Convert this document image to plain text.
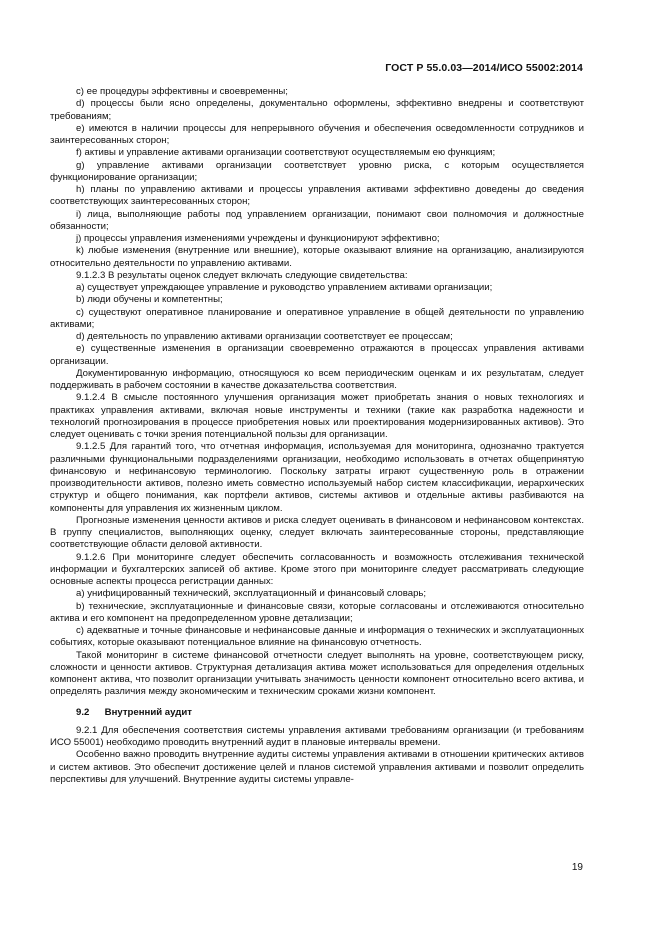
ГОСТ Р 55.0.03—2014/ИСО 55002:2014

c) ее процедуры эффективны и своевременны;

d) процессы были ясно определены, документально оформлены, эффективно внедрены и соответствуют требованиям;

e) имеются в наличии процессы для непрерывного обучения и обеспечения осведомленности сотрудников и заинтересованных сторон;

f) активы и управление активами организации соответствуют осуществляемым ею функциям;

g) управление активами организации соответствует уровню риска, с которым осуществляется функционирование организации;

h) планы по управлению активами и процессы управления активами эффективно доведены до сведения соответствующих заинтересованных сторон;

i) лица, выполняющие работы под управлением организации, понимают свои полномочия и должностные обязанности;

j) процессы управления изменениями учреждены и функционируют эффективно;

k) любые изменения (внутренние или внешние), которые оказывают влияние на организацию, анализируются относительно деятельности по управлению активами.

9.1.2.3 В результаты оценок следует включать следующие свидетельства:

a) существует упреждающее управление и руководство управлением активами организации;

b) люди обучены и компетентны;

c) существуют оперативное планирование и оперативное управление в общей деятельности по управлению активами;

d) деятельность по управлению активами организации соответствует ее процессам;

e) существенные изменения в организации своевременно отражаются в процессах управления активами организации.

Документированную информацию, относящуюся ко всем периодическим оценкам и их результатам, следует поддерживать в рабочем состоянии в качестве доказательства соответствия.

9.1.2.4 В смысле постоянного улучшения организация может приобретать знания о новых технологиях и практиках управления активами, включая новые инструменты и техники (такие как разработка надежности и технологий прогнозирования в процессе приобретения новых или проектирования модернизированных активов). Это следует оценивать с точки зрения потенциальной пользы для организации.

9.1.2.5 Для гарантий того, что отчетная информация, используемая для мониторинга, однозначно трактуется различными функциональными подразделениями организации, необходимо использовать в отчетах общепринятую финансовую и нефинансовую терминологию. Поскольку затраты играют существенную роль в отражении производительности активов, полезно иметь совместно используемый набор систем классификации, иерархических структур и общего понимания, как портфели активов, системы активов и отдельные активы разбиваются на компоненты для управления их жизненным циклом.

Прогнозные изменения ценности активов и риска следует оценивать в финансовом и нефинансовом контекстах. В группу специалистов, выполняющих оценку, следует включать заинтересованные стороны, представляющие соответствующие области деловой активности.

9.1.2.6 При мониторинге следует обеспечить согласованность и возможность отслеживания технической информации и бухгалтерских записей об активе. Кроме этого при мониторинге следует рассматривать следующие основные аспекты процесса регистрации данных:

a) унифицированный технический, эксплуатационный и финансовый словарь;

b) технические, эксплуатационные и финансовые связи, которые согласованы и отслеживаются относительно актива и его компонент на предопределенном уровне детализации;

c) адекватные и точные финансовые и нефинансовые данные и информация о технических и эксплуатационных событиях, которые оказывают потенциальное влияние на финансовую отчетность.

Такой мониторинг в системе финансовой отчетности следует выполнять на уровне, соответствующем риску, сложности и ценности активов. Структурная детализация актива может использоваться для определения отдельных компонент актива, что позволит организации учитывать значимость ценности компонент относительно всего актива, и определять различия между экономическим и техническим сроками жизни компонент.

9.2 Внутренний аудит

9.2.1 Для обеспечения соответствия системы управления активами требованиям организации (и требованиям ИСО 55001) необходимо проводить внутренний аудит в плановые интервалы времени.

Особенно важно проводить внутренние аудиты системы управления активами в отношении критических активов и систем активов. Это обеспечит достижение целей и планов системой управления активами и позволит определить перспективы для улучшений. Внутренние аудиты системы управле-

19
